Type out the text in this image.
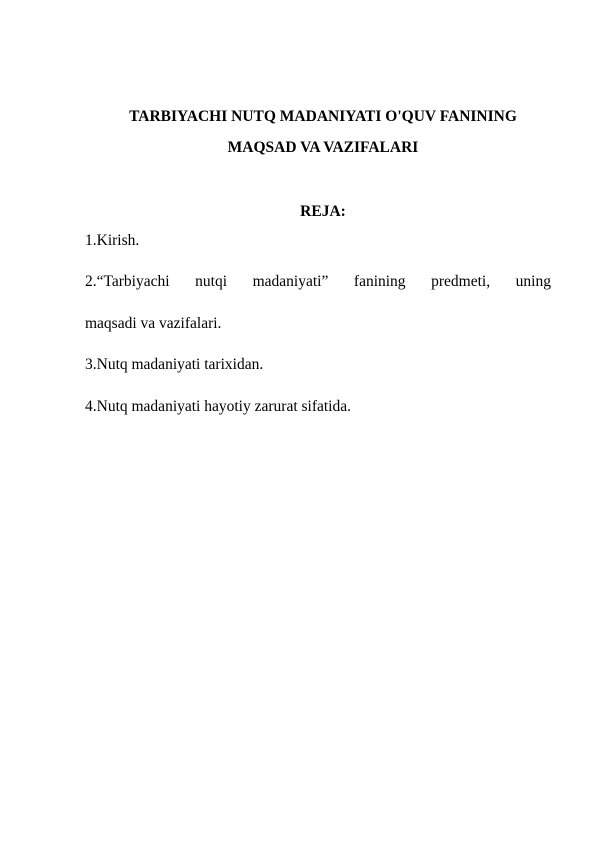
TARBIYACHI NUTQ MADANIYATI O'QUV FANINING
MAQSAD VA VAZIFALARI
REJA:
1.Kirish.
2.“Tarbiyachi nutqi madaniyati” fanining predmeti, uning
maqsadi va vazifalari.
3.Nutq madaniyati tarixidan.
4.Nutq madaniyati hayotiy zarurat sifatida.
